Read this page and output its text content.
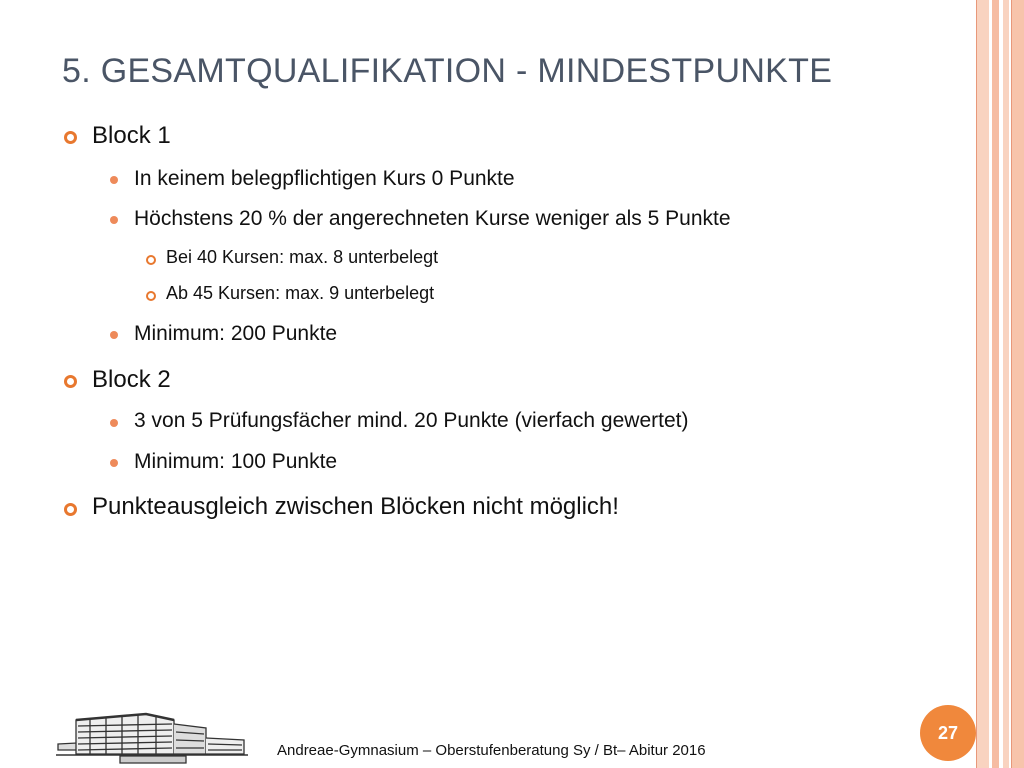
5. GESAMTQUALIFIKATION - MINDESTPUNKTE
Block 1
In keinem belegpflichtigen Kurs 0 Punkte
Höchstens 20 % der angerechneten Kurse weniger als 5 Punkte
Bei 40 Kursen: max. 8 unterbelegt
Ab 45 Kursen: max. 9 unterbelegt
Minimum: 200 Punkte
Block 2
3 von 5 Prüfungsfächer mind. 20 Punkte (vierfach gewertet)
Minimum: 100 Punkte
Punkteausgleich zwischen Blöcken nicht möglich!
Andreae-Gymnasium – Oberstufenberatung Sy / Bt– Abitur 2016
27
